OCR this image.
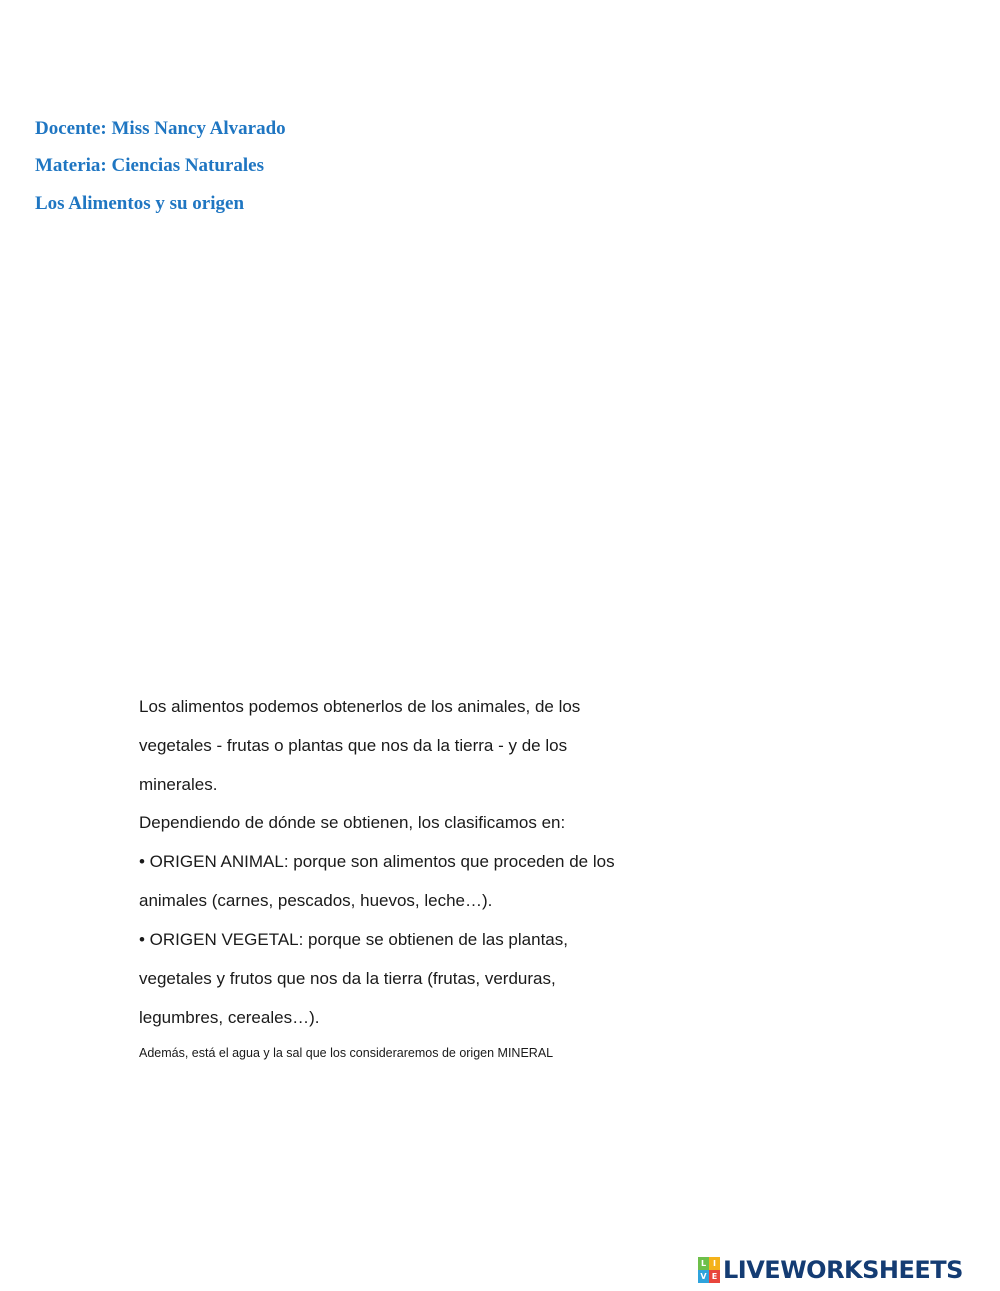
Docente: Miss Nancy Alvarado

Materia: Ciencias Naturales

Los Alimentos y su origen

Los alimentos podemos obtenerlos de los animales, de los

vegetales - frutas o plantas que nos da la tierra - y de los

minerales.

Dependiendo de dónde se obtienen, los clasificamos en:

• ORIGEN ANIMAL: porque son alimentos que proceden de los

animales (carnes, pescados, huevos, leche…).

• ORIGEN VEGETAL: porque se obtienen de las plantas,

vegetales y frutos que nos da la tierra (frutas, verduras,

legumbres, cereales…).

Además, está el agua y la sal que los consideraremos de origen MINERAL

L I
V E LIVEWORKSHEETS
